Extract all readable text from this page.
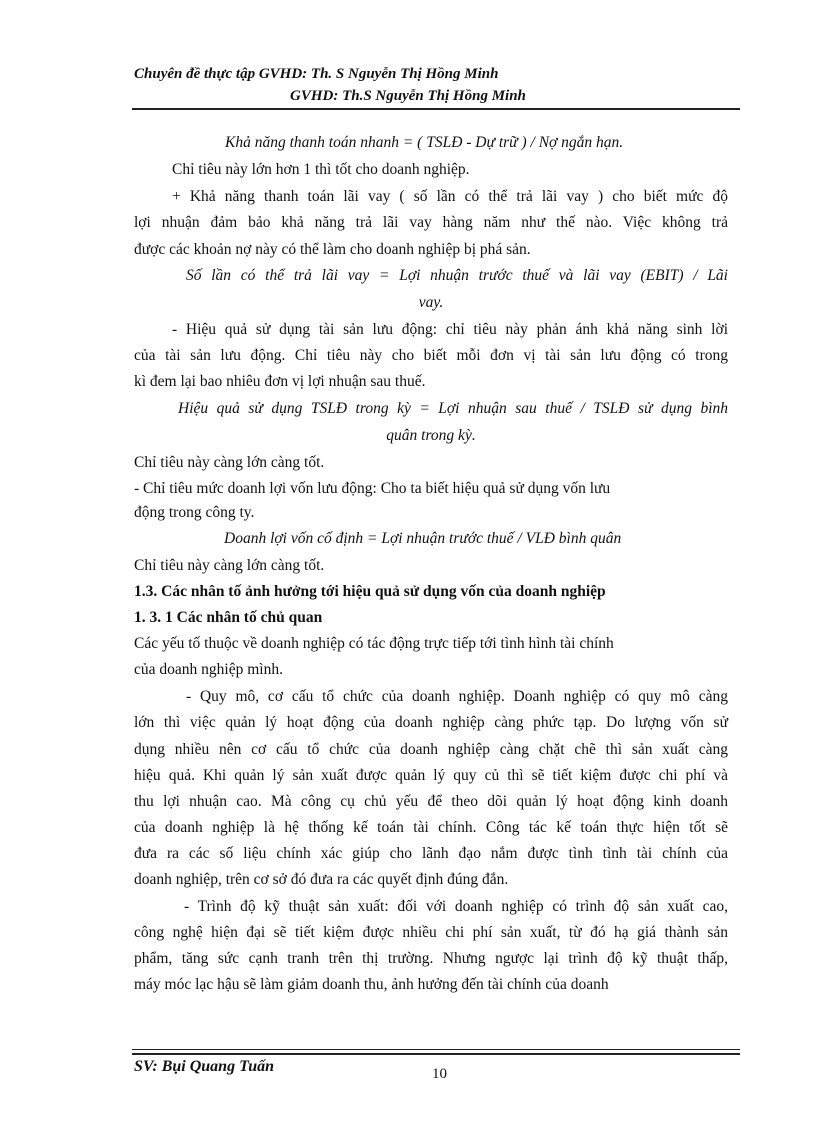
Chuyên đề thực tập GVHD: Th. S Nguyễn Thị Hồng Minh
GVHD: Th.S Nguyễn Thị Hồng Minh
Khả năng thanh toán nhanh = ( TSLĐ - Dự trữ ) / Nợ ngắn hạn.
Chỉ tiêu này lớn hơn 1 thì tốt cho doanh nghiệp.
+ Khả năng thanh toán lãi vay ( số lần có thể trả lãi vay ) cho biết mức độ
lợi nhuận đảm bảo khả năng trả lãi vay hàng năm như thế nào. Việc không trả
được các khoản nợ này có thể làm cho doanh nghiệp bị phá sản.
Số lần có thể trả lãi vay = Lợi nhuận trước thuế và lãi vay (EBIT) / Lãi
vay.
- Hiệu quả sử dụng tài sản lưu động: chỉ tiêu này phản ánh khả năng sinh lời
của tài sản lưu động. Chỉ tiêu này cho biết mỗi đơn vị tài sản lưu động có trong
kì đem lại bao nhiêu đơn vị lợi nhuận sau thuế.
Hiệu quả sử dụng TSLĐ trong kỳ = Lợi nhuận sau thuế / TSLĐ sử dụng bình
quân trong kỳ.
Chỉ tiêu này càng lớn càng tốt.
- Chỉ tiêu mức doanh lợi vốn lưu động: Cho ta biết hiệu quả sử dụng vốn lưu
động trong công ty.
Doanh lợi vốn cố định = Lợi nhuận trước thuế / VLĐ bình quân
Chỉ tiêu này càng lớn càng tốt.
1.3. Các nhân tố ảnh hưởng tới hiệu quả sử dụng vốn của doanh nghiệp
1. 3. 1 Các nhân tố chủ quan
Các yếu tố thuộc về doanh nghiệp có tác động trực tiếp tới tình hình tài chính
của doanh nghiệp mình.
- Quy mô, cơ cấu tổ chức của doanh nghiệp. Doanh nghiệp có quy mô càng
lớn thì việc quản lý hoạt động của doanh nghiệp càng phức tạp. Do lượng vốn sử
dụng nhiều nên cơ cấu tổ chức của doanh nghiệp càng chặt chẽ thì sản xuất càng
hiệu quả. Khi quản lý sản xuất được quản lý quy củ thì sẽ tiết kiệm được chi phí và
thu lợi nhuận cao. Mà công cụ chủ yếu để theo dõi quản lý hoạt động kinh doanh
của doanh nghiệp là hệ thống kế toán tài chính. Công tác kế toán thực hiện tốt sẽ
đưa ra các số liệu chính xác giúp cho lãnh đạo nắm được tình tình tài chính của
doanh nghiệp, trên cơ sở đó đưa ra các quyết định đúng đắn.
- Trình độ kỹ thuật sản xuất: đối với doanh nghiệp có trình độ sản xuất cao,
công nghệ hiện đại sẽ tiết kiệm được nhiều chi phí sản xuất, từ đó hạ giá thành sản
phẩm, tăng sức cạnh tranh trên thị trường. Nhưng ngược lại trình độ kỹ thuật thấp,
máy móc lạc hậu sẽ làm giảm doanh thu, ảnh hưởng đến tài chính của doanh
SV: Bụi Quang Tuấn	10
